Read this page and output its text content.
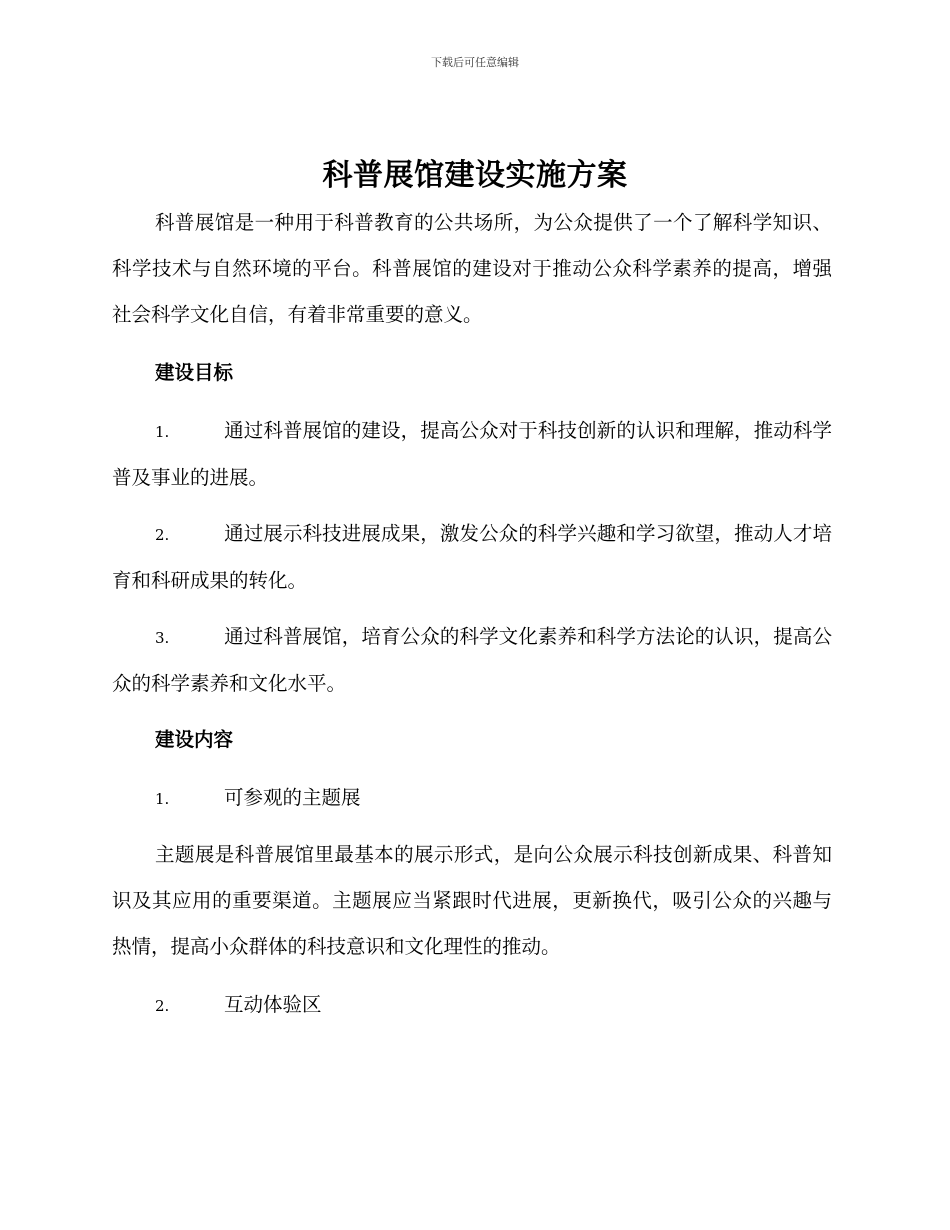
下载后可任意编辑
科普展馆建设实施方案

科普展馆是一种用于科普教育的公共场所，为公众提供了一个了解科学知识、科学技术与自然环境的平台。科普展馆的建设对于推动公众科学素养的提高，增强社会科学文化自信，有着非常重要的意义。

建设目标

1.	通过科普展馆的建设，提高公众对于科技创新的认识和理解，推动科学普及事业的进展。

2.	通过展示科技进展成果，激发公众的科学兴趣和学习欲望，推动人才培育和科研成果的转化。

3.	通过科普展馆，培育公众的科学文化素养和科学方法论的认识，提高公众的科学素养和文化水平。

建设内容

1.	可参观的主题展

主题展是科普展馆里最基本的展示形式，是向公众展示科技创新成果、科普知识及其应用的重要渠道。主题展应当紧跟时代进展，更新换代，吸引公众的兴趣与热情，提高小众群体的科技意识和文化理性的推动。

2.	互动体验区
